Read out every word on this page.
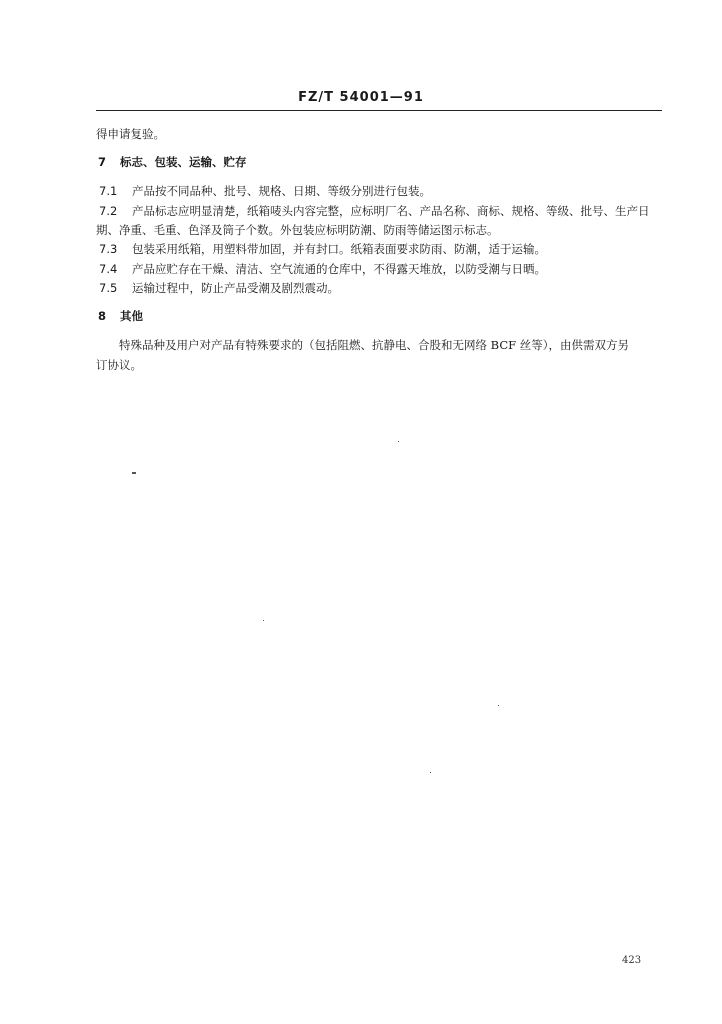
FZ/T 54001—91
得申请复验。
7 标志、包装、运输、贮存
7.1 产品按不同品种、批号、规格、日期、等级分别进行包装。
7.2 产品标志应明显清楚，纸箱唛头内容完整，应标明厂名、产品名称、商标、规格、等级、批号、生产日
期、净重、毛重、色泽及筒子个数。外包装应标明防潮、防雨等储运图示标志。
7.3 包装采用纸箱，用塑料带加固，并有封口。纸箱表面要求防雨、防潮，适于运输。
7.4 产品应贮存在干燥、清洁、空气流通的仓库中，不得露天堆放，以防受潮与日晒。
7.5 运输过程中，防止产品受潮及剧烈震动。
8 其他
特殊品种及用户对产品有特殊要求的（包括阻燃、抗静电、合股和无网络 BCF 丝等），由供需双方另
订协议。
423
